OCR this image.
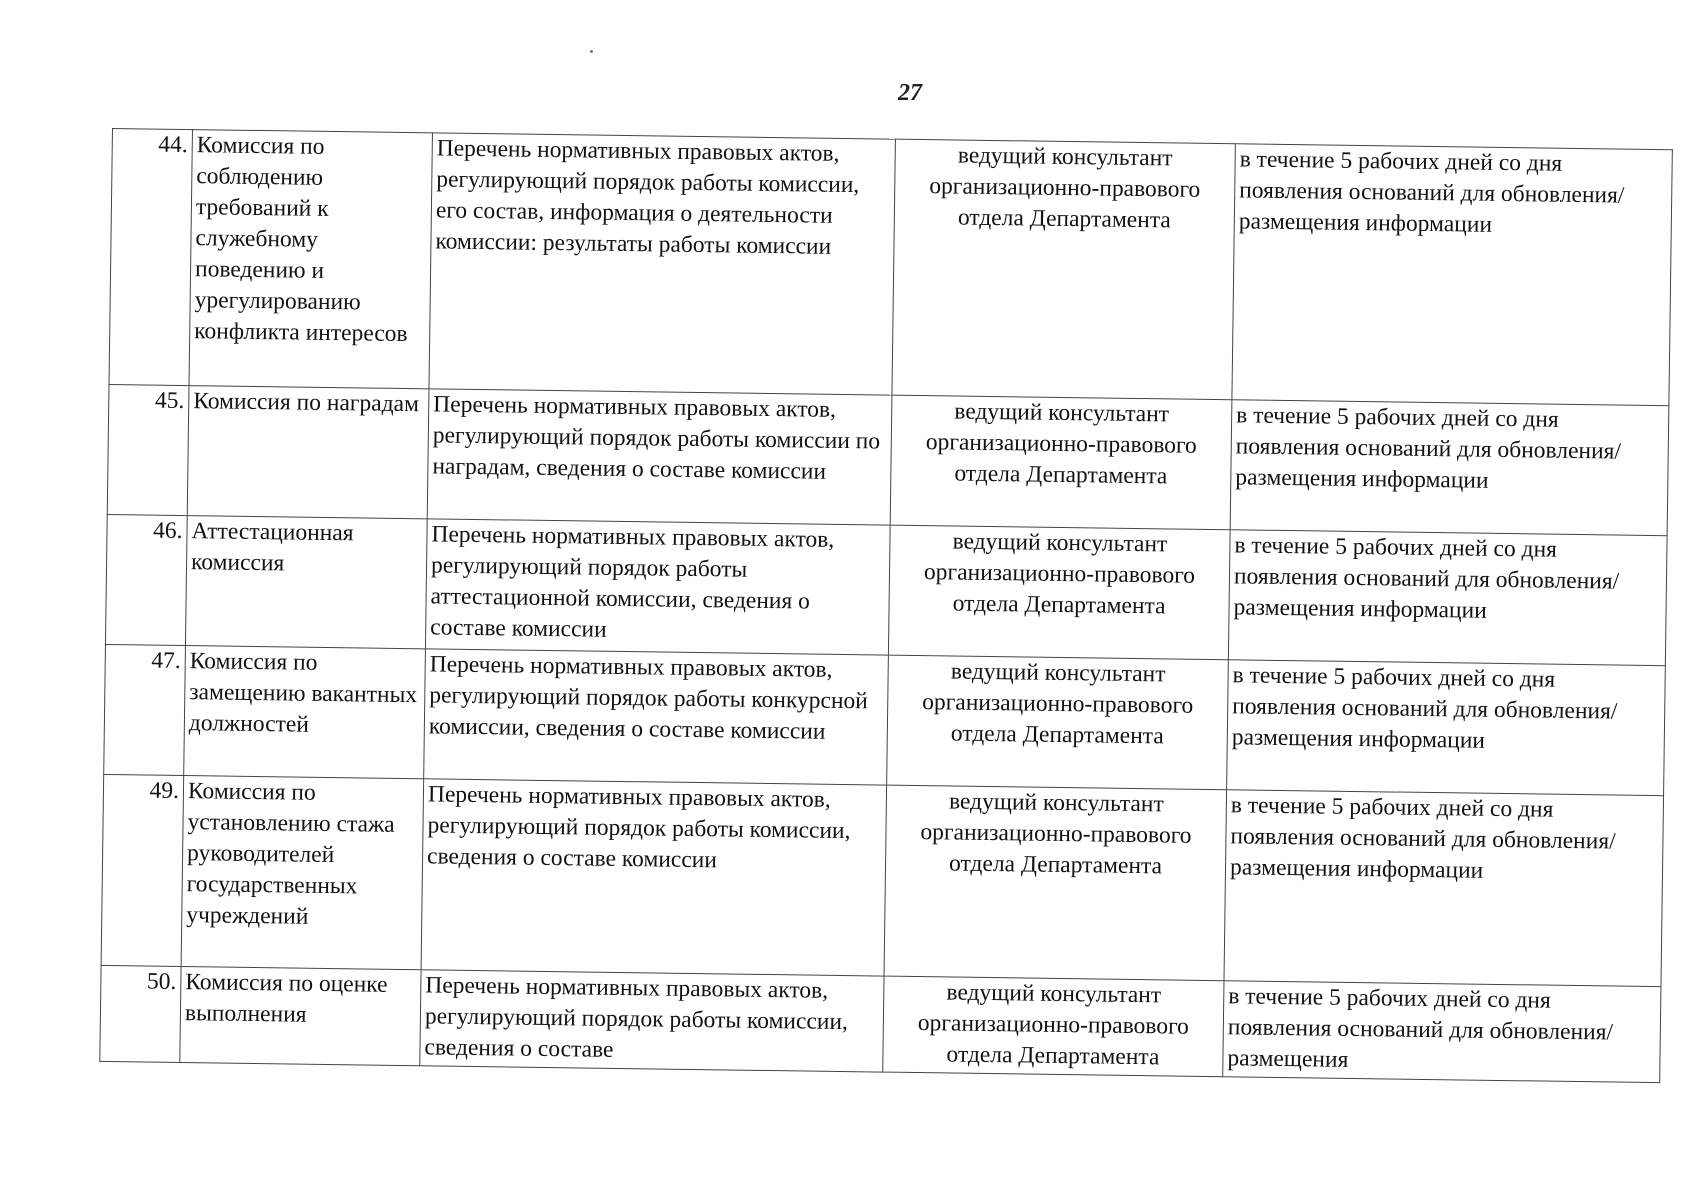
27
44.	Комиссия по соблюдению требований к служебному поведению и урегулированию конфликта интересов	Перечень нормативных правовых актов, регулирующий порядок работы комиссии, его состав, информация о деятельности комиссии: результаты работы комиссии	ведущий консультант организационно-правового отдела Департамента	в течение 5 рабочих дней со дня появления оснований для обновления/размещения информации
45.	Комиссия по наградам	Перечень нормативных правовых актов, регулирующий порядок работы комиссии по наградам, сведения о составе комиссии	ведущий консультант организационно-правового отдела Департамента	в течение 5 рабочих дней со дня появления оснований для обновления/размещения информации
46.	Аттестационная комиссия	Перечень нормативных правовых актов, регулирующий порядок работы аттестационной комиссии, сведения о составе комиссии	ведущий консультант организационно-правового отдела Департамента	в течение 5 рабочих дней со дня появления оснований для обновления/размещения информации
47.	Комиссия по замещению вакантных должностей	Перечень нормативных правовых актов, регулирующий порядок работы конкурсной комиссии, сведения о составе комиссии	ведущий консультант организационно-правового отдела Департамента	в течение 5 рабочих дней со дня появления оснований для обновления/размещения информации
49.	Комиссия по установлению стажа руководителей государственных учреждений	Перечень нормативных правовых актов, регулирующий порядок работы комиссии, сведения о составе комиссии	ведущий консультант организационно-правового отдела Департамента	в течение 5 рабочих дней со дня появления оснований для обновления/размещения информации
50.	Комиссия по оценке выполнения	Перечень нормативных правовых актов, регулирующий порядок работы комиссии, сведения о составе	ведущий консультант организационно-правового отдела Департамента	в течение 5 рабочих дней со дня появления оснований для обновления/размещения
